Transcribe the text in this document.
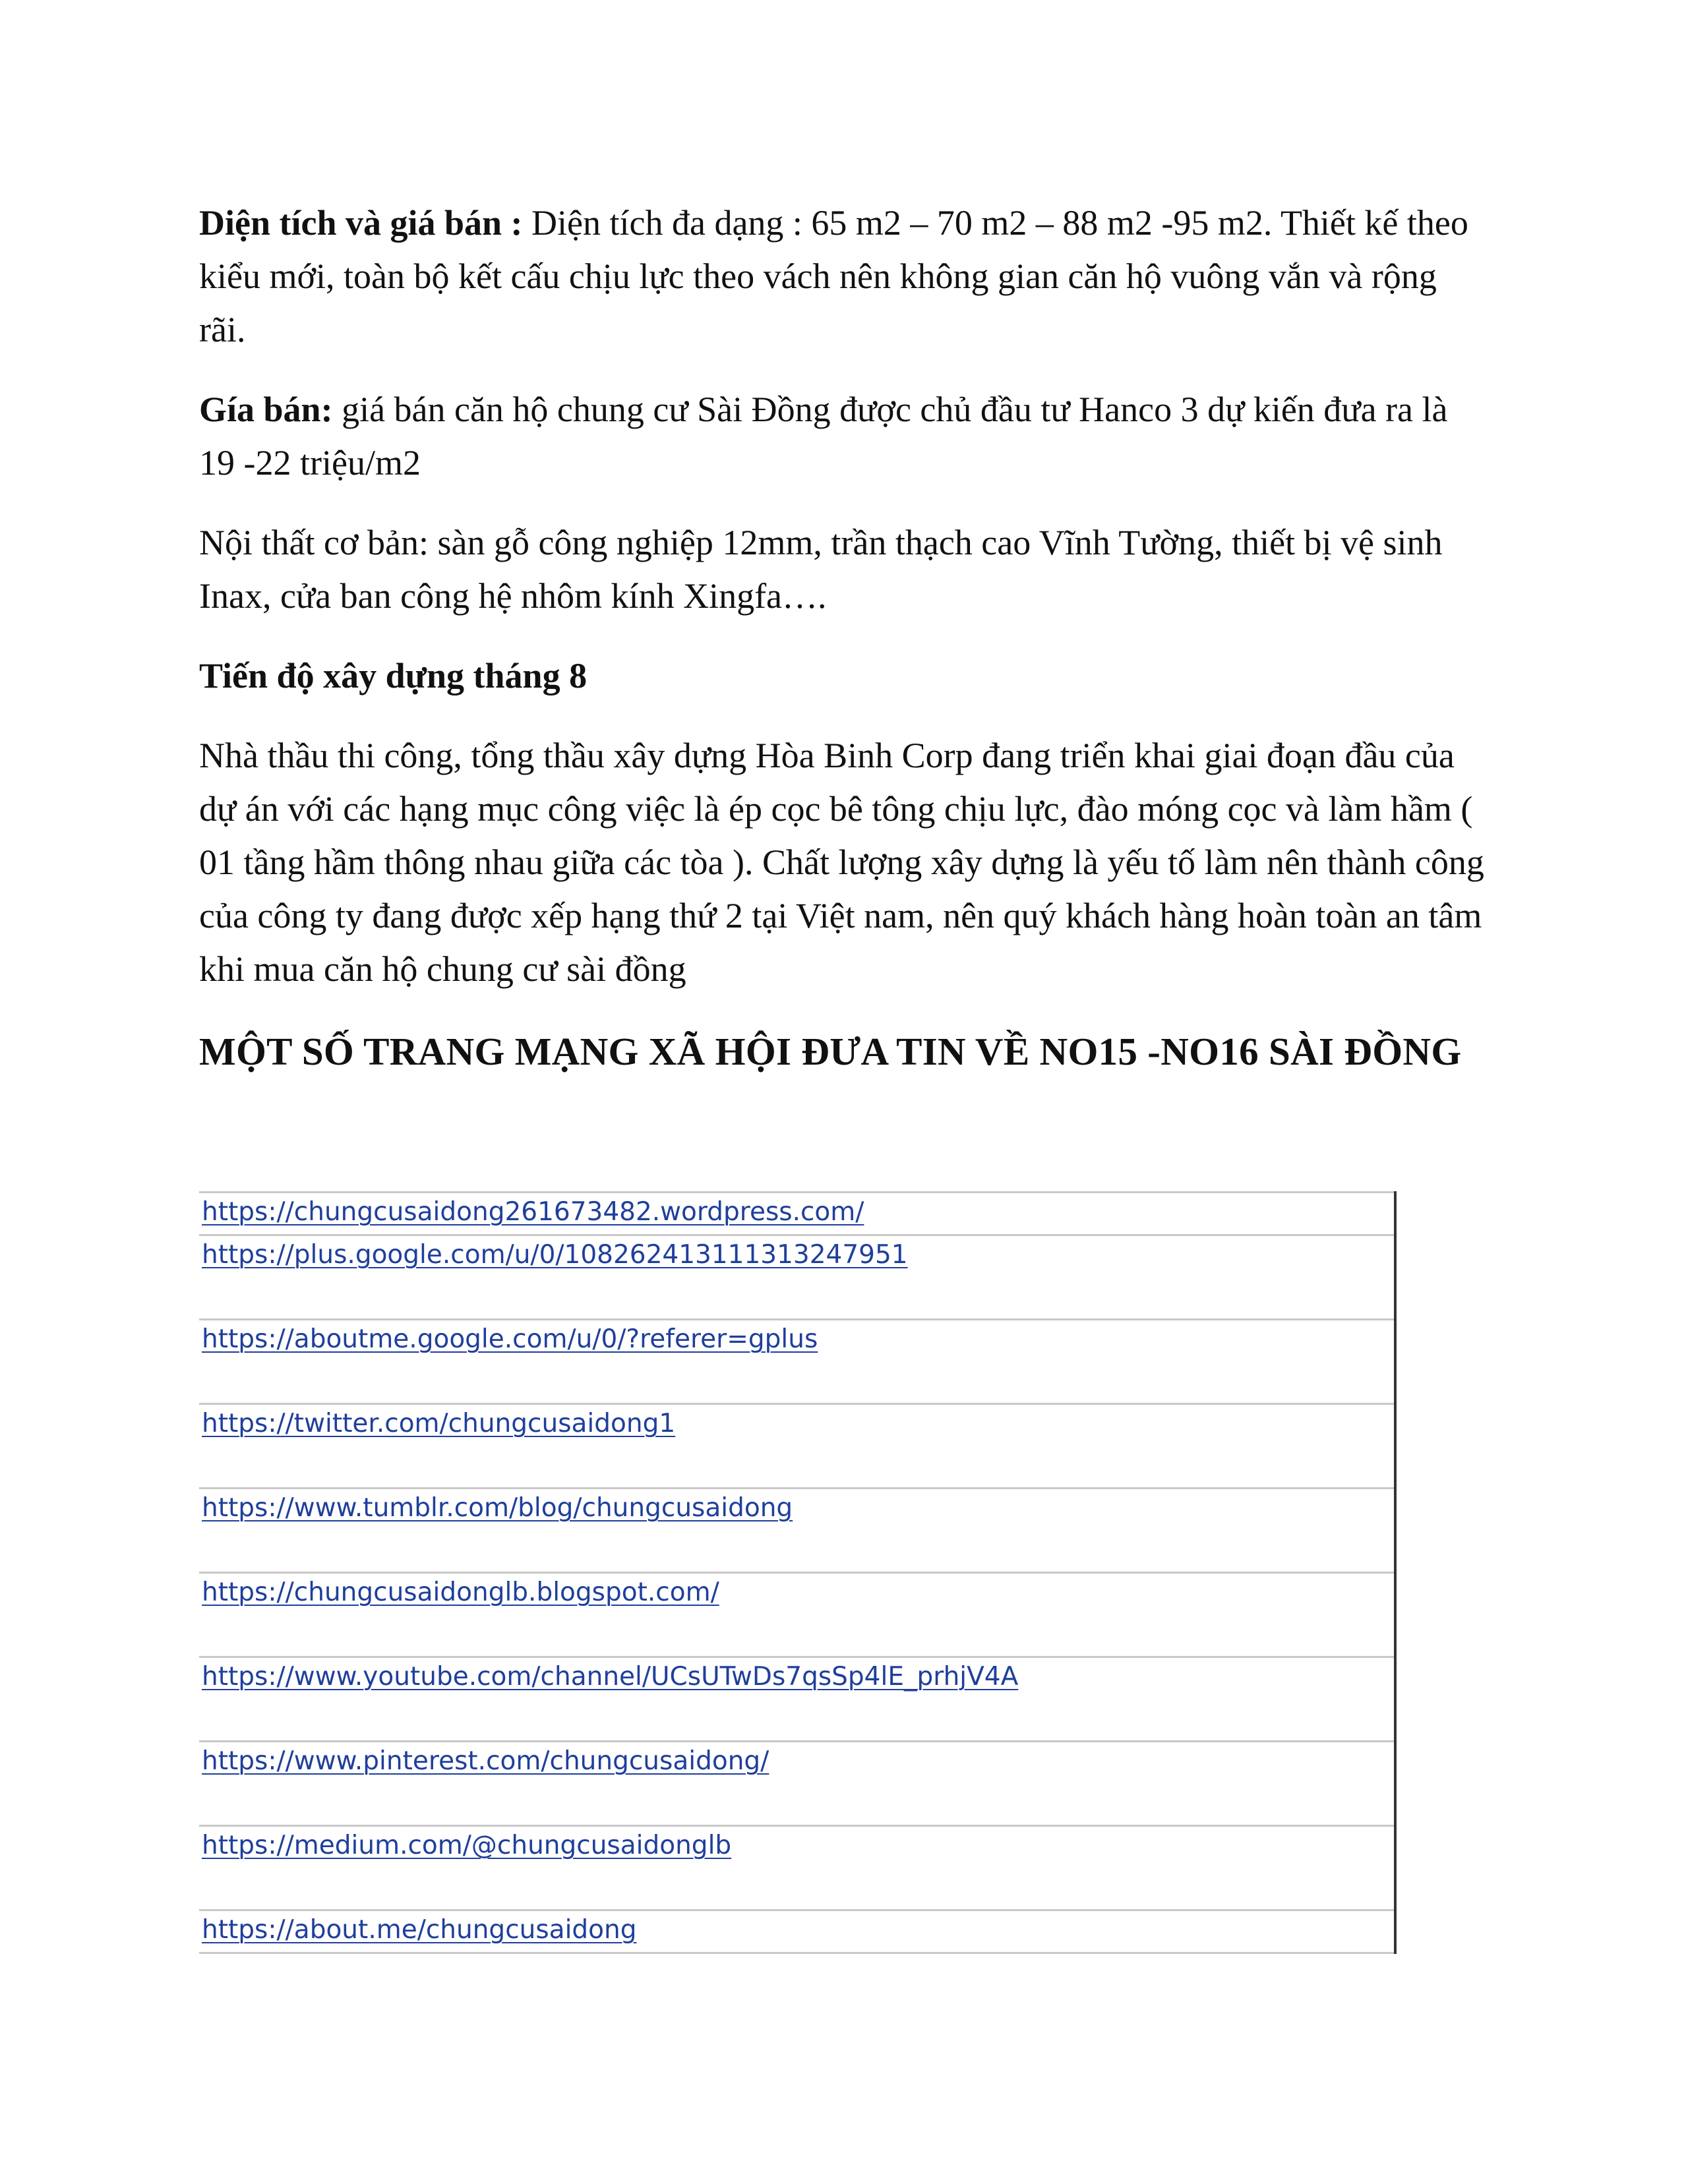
Diện tích và giá bán : Diện tích đa dạng : 65 m2 – 70 m2 – 88 m2 -95 m2. Thiết kế theo kiểu mới, toàn bộ kết cấu chịu lực theo vách nên không gian căn hộ vuông vắn và rộng rãi.

Gía bán: giá bán căn hộ chung cư Sài Đồng được chủ đầu tư Hanco 3 dự kiến đưa ra là 19 -22 triệu/m2

Nội thất cơ bản: sàn gỗ công nghiệp 12mm, trần thạch cao Vĩnh Tường, thiết bị vệ sinh Inax, cửa ban công hệ nhôm kính Xingfa….

Tiến độ xây dựng tháng 8

Nhà thầu thi công, tổng thầu xây dựng Hòa Binh Corp đang triển khai giai đoạn đầu của dự án với các hạng mục công việc là ép cọc bê tông chịu lực, đào móng cọc và làm hầm ( 01 tầng hầm thông nhau giữa các tòa ). Chất lượng xây dựng là yếu tố làm nên thành công của công ty đang được xếp hạng thứ 2 tại Việt nam, nên quý khách hàng hoàn toàn an tâm khi mua căn hộ chung cư sài đồng

MỘT SỐ TRANG MẠNG XÃ HỘI ĐƯA TIN VỀ NO15 -NO16 SÀI ĐỒNG
https://chungcusaidong261673482.wordpress.com/
https://plus.google.com/u/0/108262413111313247951
https://aboutme.google.com/u/0/?referer=gplus
https://twitter.com/chungcusaidong1
https://www.tumblr.com/blog/chungcusaidong
https://chungcusaidonglb.blogspot.com/
https://www.youtube.com/channel/UCsUTwDs7qsSp4lE_prhjV4A
https://www.pinterest.com/chungcusaidong/
https://medium.com/@chungcusaidonglb
https://about.me/chungcusaidong
